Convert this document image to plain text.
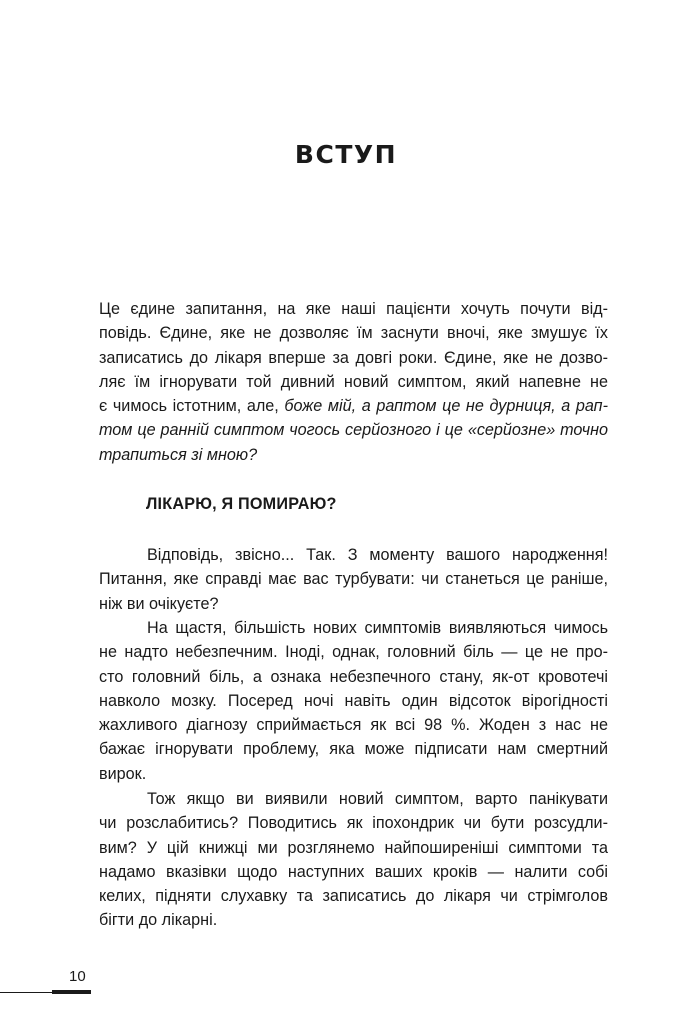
ВСТУП
Це єдине запитання, на яке наші пацієнти хочуть почути від-
повідь. Єдине, яке не дозволяє їм заснути вночі, яке змушує їх
записатись до лікаря вперше за довгі роки. Єдине, яке не дозво-
ляє їм ігнорувати той дивний новий симптом, який напевне не
є чимось істотним, але, боже мій, а раптом це не дурниця, а рап-
том це ранній симптом чогось серйозного і це «серйозне» точно
трапиться зі мною?
ЛІКАРЮ, Я ПОМИРАЮ?
Відповідь, звісно... Так. З моменту вашого народження!
Питання, яке справді має вас турбувати: чи станеться це раніше,
ніж ви очікуєте?
На щастя, більшість нових симптомів виявляються чимось
не надто небезпечним. Іноді, однак, головний біль — це не про-
сто головний біль, а ознака небезпечного стану, як-от кровотечі
навколо мозку. Посеред ночі навіть один відсоток вірогідності
жахливого діагнозу сприймається як всі 98 %. Жоден з нас не
бажає ігнорувати проблему, яка може підписати нам смертний
вирок.
Тож якщо ви виявили новий симптом, варто панікувати
чи розслабитись? Поводитись як іпохондрик чи бути розсудли-
вим? У цій книжці ми розглянемо найпоширеніші симптоми та
надамо вказівки щодо наступних ваших кроків — налити собі
келих, підняти слухавку та записатись до лікаря чи стрімголов
бігти до лікарні.
10
